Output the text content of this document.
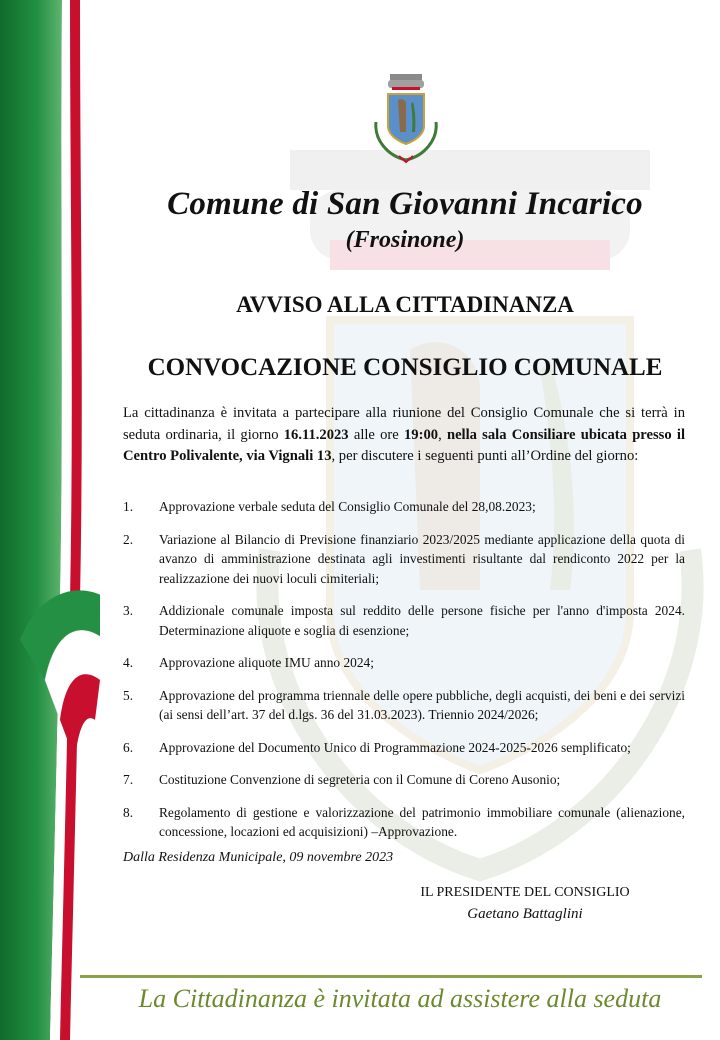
Comune di San Giovanni Incarico
(Frosinone)
AVVISO ALLA CITTADINANZA
CONVOCAZIONE CONSIGLIO COMUNALE
La cittadinanza è invitata a partecipare alla riunione del Consiglio Comunale che si terrà in seduta ordinaria, il giorno 16.11.2023 alle ore 19:00, nella sala Consiliare ubicata presso il Centro Polivalente, via Vignali 13, per discutere i seguenti punti all’Ordine del giorno:
1. Approvazione verbale seduta del Consiglio Comunale del 28,08.2023;
2. Variazione al Bilancio di Previsione finanziario 2023/2025 mediante applicazione della quota di avanzo di amministrazione destinata agli investimenti risultante dal rendiconto 2022 per la realizzazione dei nuovi loculi cimiteriali;
3. Addizionale comunale imposta sul reddito delle persone fisiche per l'anno d'imposta 2024. Determinazione aliquote e soglia di esenzione;
4. Approvazione aliquote IMU anno 2024;
5. Approvazione del programma triennale delle opere pubbliche, degli acquisti, dei beni e dei servizi (ai sensi dell’art. 37 del d.lgs. 36 del 31.03.2023). Triennio 2024/2026;
6. Approvazione del Documento Unico di Programmazione 2024-2025-2026 semplificato;
7. Costituzione Convenzione di segreteria con il Comune di Coreno Ausonio;
8. Regolamento di gestione e valorizzazione del patrimonio immobiliare comunale (alienazione, concessione, locazioni ed acquisizioni) –Approvazione.
Dalla Residenza Municipale, 09 novembre 2023
IL PRESIDENTE DEL CONSIGLIO
Gaetano Battaglini
La Cittadinanza è invitata ad assistere alla seduta
